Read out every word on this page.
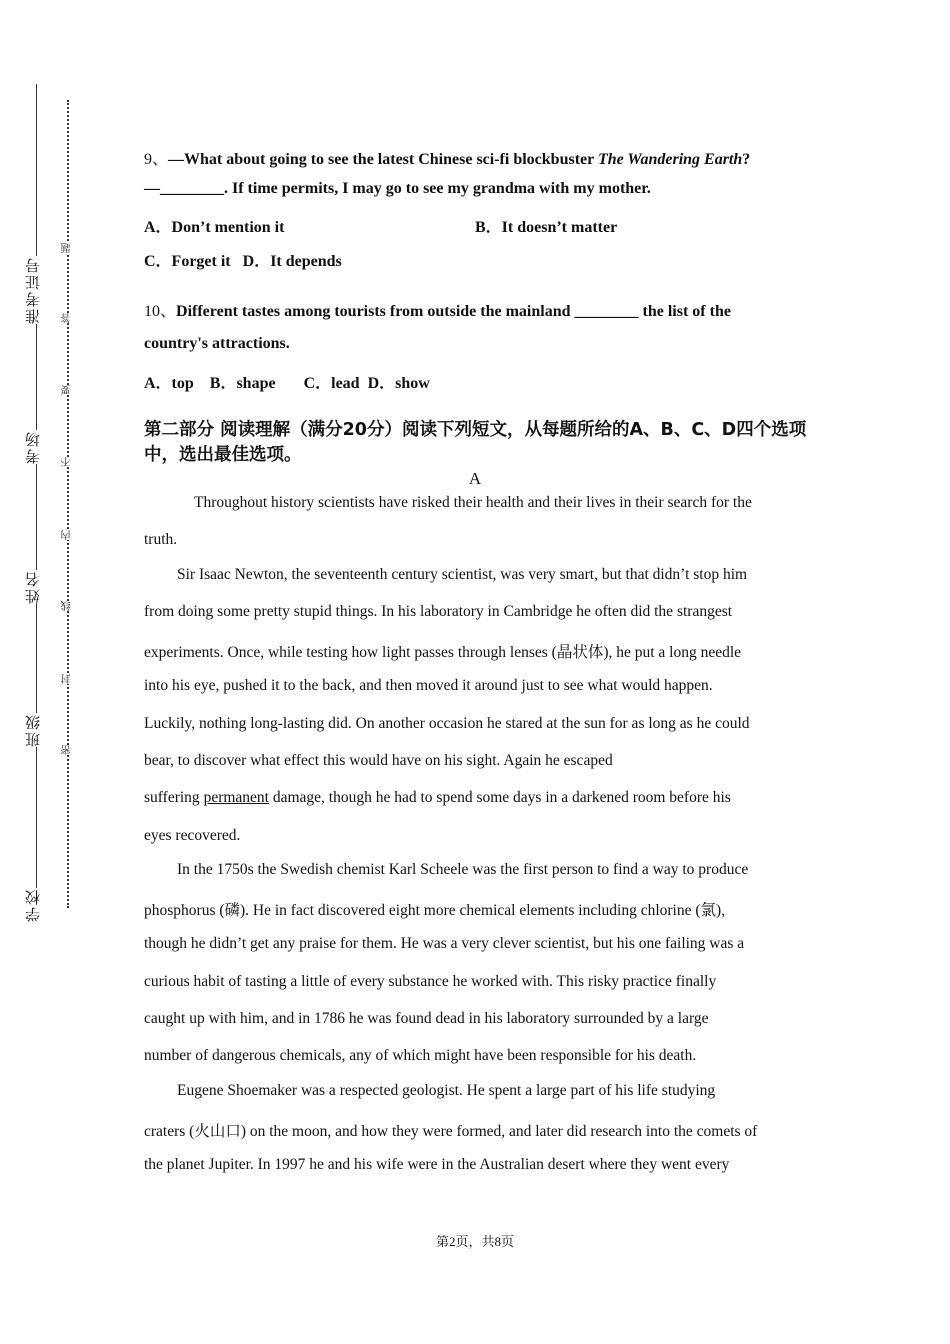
准考证号
考场
姓名
班级
学校
题
答
要
不
内
线
封
密
9、—What about going to see the latest Chinese sci-fi blockbuster The Wandering Earth?
—________. If time permits, I may go to see my grandma with my mother.
A．Don’t mention it	B．It doesn’t matter
C．Forget it   D．It depends
10、Different tastes among tourists from outside the mainland ________ the list of the
country's attractions.
A．top    B．shape       C．lead  D．show
第二部分 阅读理解（满分20分）阅读下列短文，从每题所给的A、B、C、D四个选项中，选出最佳选项。
A
Throughout history scientists have risked their health and their lives in their search for the
truth.
Sir Isaac Newton, the seventeenth century scientist, was very smart, but that didn’t stop him
from doing some pretty stupid things. In his laboratory in Cambridge he often did the strangest
experiments. Once, while testing how light passes through lenses (晶状体), he put a long needle
into his eye, pushed it to the back, and then moved it around just to see what would happen.
Luckily, nothing long-lasting did. On another occasion he stared at the sun for as long as he could
bear, to discover what effect this would have on his sight. Again he escaped
suffering permanent damage, though he had to spend some days in a darkened room before his
eyes recovered.
In the 1750s the Swedish chemist Karl Scheele was the first person to find a way to produce
phosphorus (磷). He in fact discovered eight more chemical elements including chlorine (氯),
though he didn’t get any praise for them. He was a very clever scientist, but his one failing was a
curious habit of tasting a little of every substance he worked with. This risky practice finally
caught up with him, and in 1786 he was found dead in his laboratory surrounded by a large
number of dangerous chemicals, any of which might have been responsible for his death.
Eugene Shoemaker was a respected geologist. He spent a large part of his life studying
craters (火山口) on the moon, and how they were formed, and later did research into the comets of
the planet Jupiter. In 1997 he and his wife were in the Australian desert where they went every
第2页，共8页
